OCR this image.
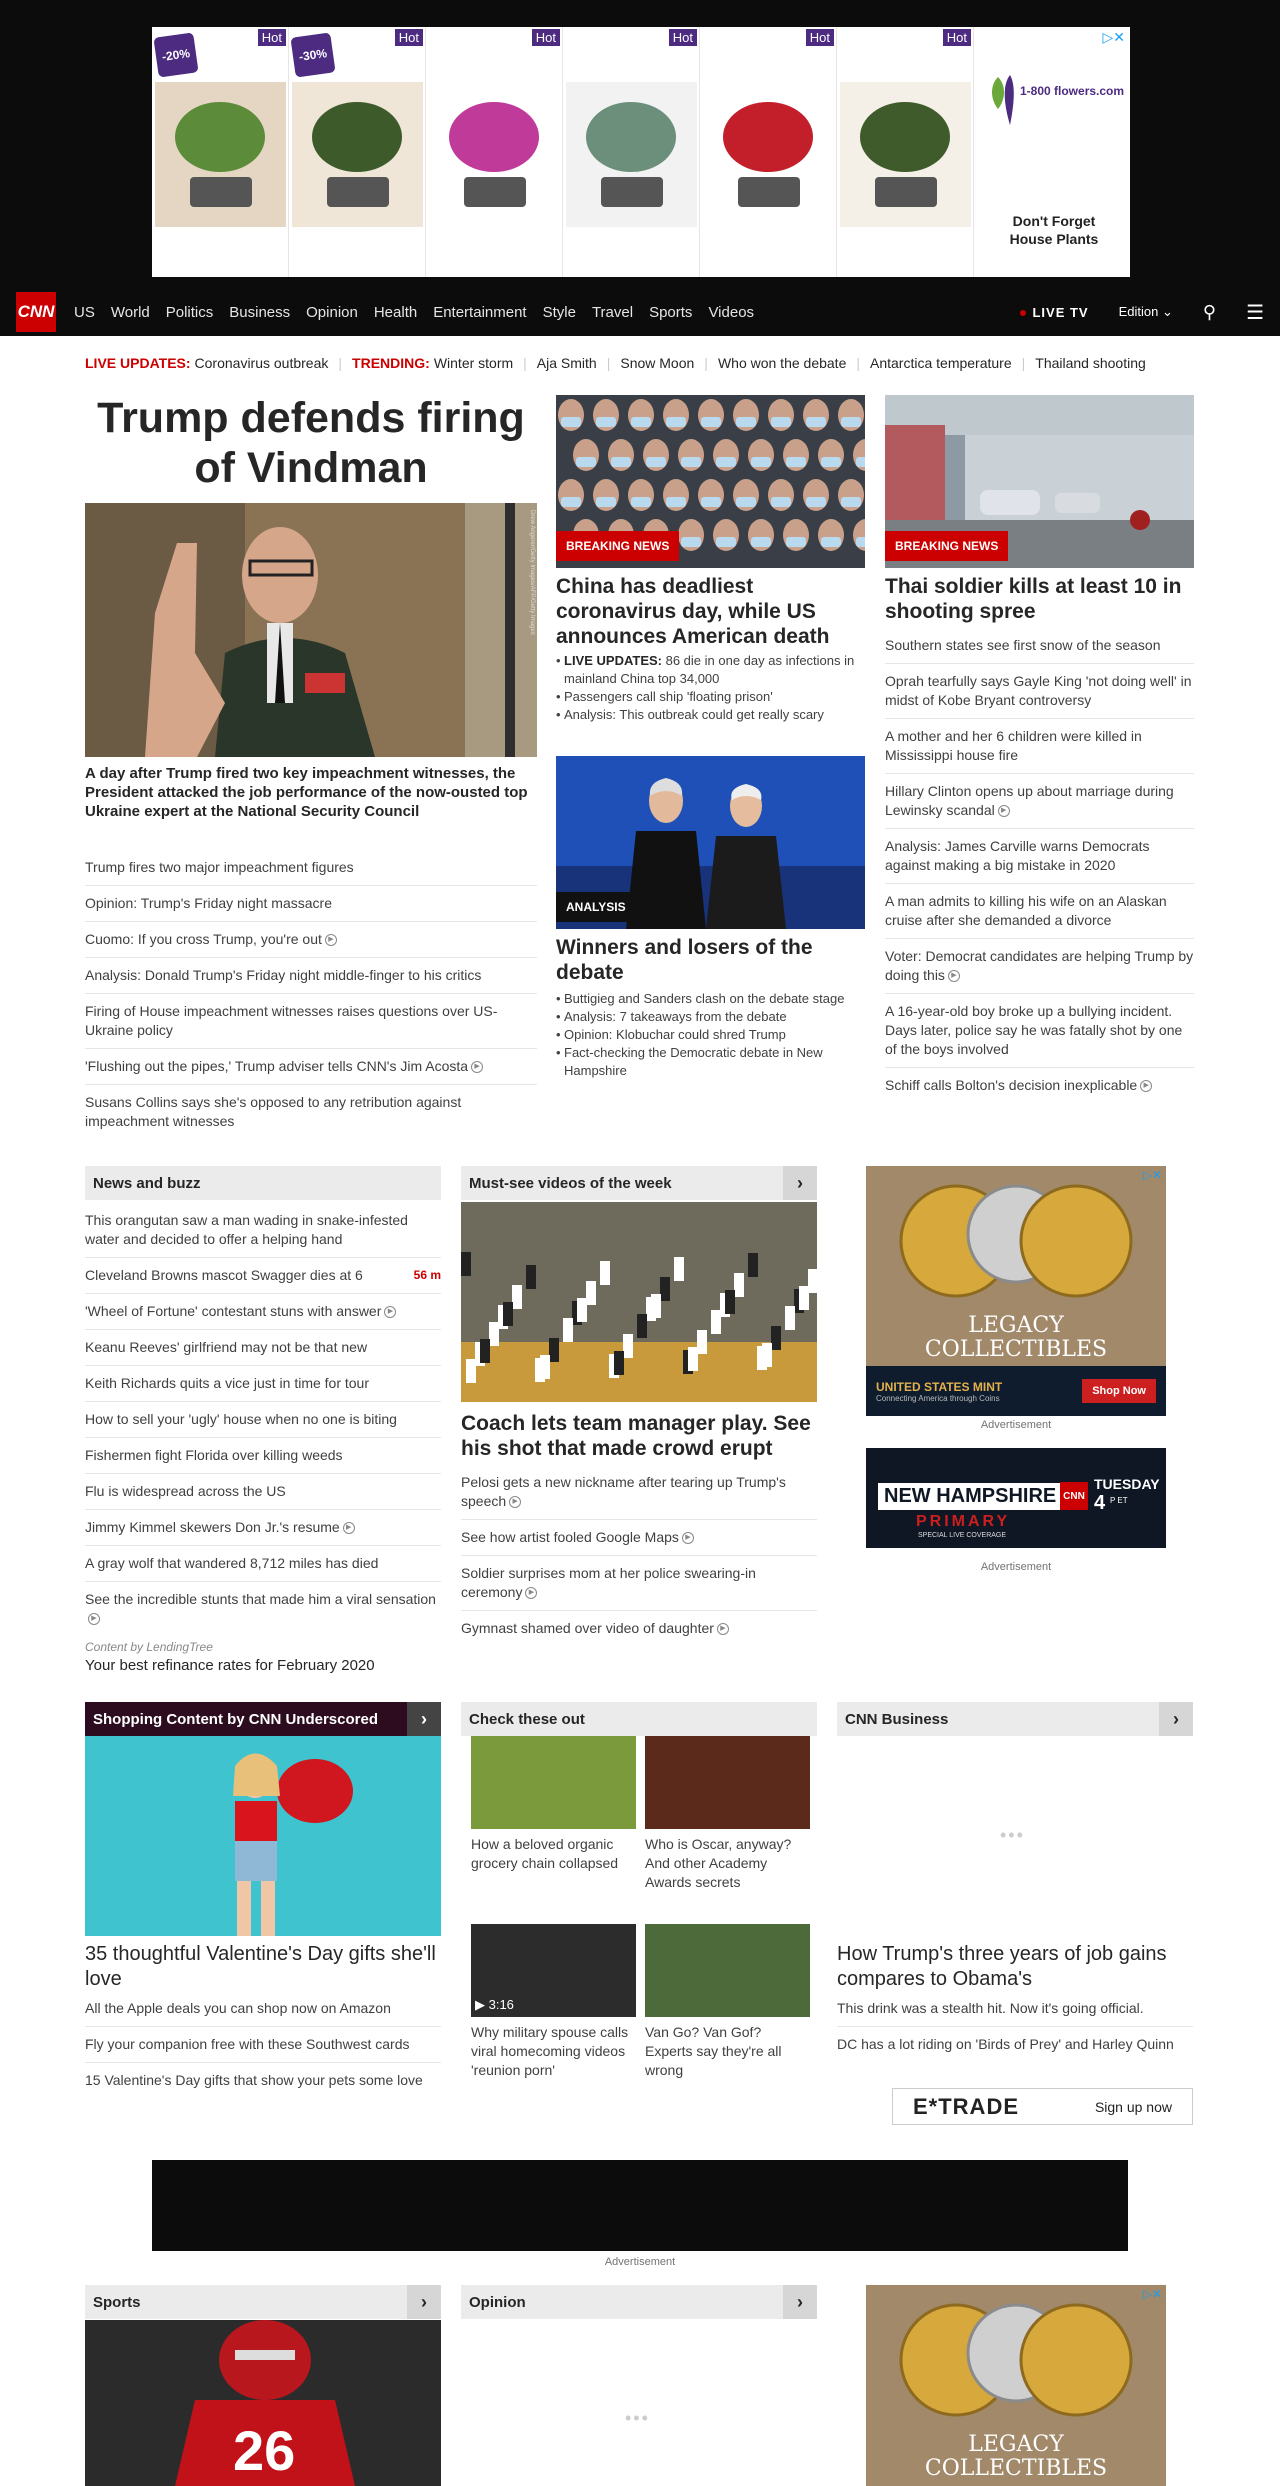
Hot
-20%
Hot
-30%
Hot	Hot	Hot	Hot	▷✕
1-800 flowers.com
Don't Forget House Plants
CNN US World Politics Business Opinion Health Entertainment Style Travel Sports Videos	LIVE TV Edition ⌄ ⚲ ☰
LIVE UPDATES: Coronavirus outbreak | TRENDING: Winter storm | Aja Smith | Snow Moon | Who won the debate | Antarctica temperature | Thailand shooting
Trump defends firing of Vindman
Drew Angerer/Getty Images/AFP/Getty Images
A day after Trump fired two key impeachment witnesses, the President attacked the job performance of the now-ousted top Ukraine expert at the National Security Council
Trump fires two major impeachment figures
Opinion: Trump's Friday night massacre
Cuomo: If you cross Trump, you're out ▶
Analysis: Donald Trump's Friday night middle-finger to his critics
Firing of House impeachment witnesses raises questions over US-Ukraine policy
'Flushing out the pipes,' Trump adviser tells CNN's Jim Acosta ▶
Susans Collins says she's opposed to any retribution against impeachment witnesses
BREAKING NEWS
China has deadliest coronavirus day, while US announces American death
• LIVE UPDATES: 86 die in one day as infections in mainland China top 34,000
• Passengers call ship 'floating prison'
• Analysis: This outbreak could get really scary
ANALYSIS
Winners and losers of the debate
• Buttigieg and Sanders clash on the debate stage
• Analysis: 7 takeaways from the debate
• Opinion: Klobuchar could shred Trump
• Fact-checking the Democratic debate in New Hampshire
BREAKING NEWS
Thai soldier kills at least 10 in shooting spree
Southern states see first snow of the season
Oprah tearfully says Gayle King 'not doing well' in midst of Kobe Bryant controversy
A mother and her 6 children were killed in Mississippi house fire
Hillary Clinton opens up about marriage during Lewinsky scandal ▶
Analysis: James Carville warns Democrats against making a big mistake in 2020
A man admits to killing his wife on an Alaskan cruise after she demanded a divorce
Voter: Democrat candidates are helping Trump by doing this ▶
A 16-year-old boy broke up a bullying incident. Days later, police say he was fatally shot by one of the boys involved
Schiff calls Bolton's decision inexplicable ▶
News and buzz
This orangutan saw a man wading in snake-infested water and decided to offer a helping hand
Cleveland Browns mascot Swagger dies at 6	56 m
'Wheel of Fortune' contestant stuns with answer ▶
Keanu Reeves' girlfriend may not be that new
Keith Richards quits a vice just in time for tour
How to sell your 'ugly' house when no one is biting
Fishermen fight Florida over killing weeds
Flu is widespread across the US
Jimmy Kimmel skewers Don Jr.'s resume ▶
A gray wolf that wandered 8,712 miles has died
See the incredible stunts that made him a viral sensation▶
Content by LendingTree
Your best refinance rates for February 2020
Must-see videos of the week	›
Coach lets team manager play. See his shot that made crowd erupt
Pelosi gets a new nickname after tearing up Trump's speech ▶
See how artist fooled Google Maps ▶
Soldier surprises mom at her police swearing-in ceremony ▶
Gymnast shamed over video of daughter ▶
▷✕
LEGACY
COLLECTIBLES
UNITED STATES MINT
Connecting America through Coins
Shop Now
Advertisement
NEW HAMPSHIRE
PRIMARY
SPECIAL LIVE COVERAGE
CNN
TUESDAY
4 P ET
Advertisement
Shopping Content by CNN Underscored	›
35 thoughtful Valentine's Day gifts she'll love
All the Apple deals you can shop now on Amazon
Fly your companion free with these Southwest cards
15 Valentine's Day gifts that show your pets some love
Check these out
How a beloved organic grocery chain collapsed
Who is Oscar, anyway? And other Academy Awards secrets
▶ 3:16
Why military spouse calls viral homecoming videos 'reunion porn'
Van Go? Van Gof? Experts say they're all wrong
CNN Business	›
•••
How Trump's three years of job gains compares to Obama's
This drink was a stealth hit. Now it's going official.
DC has a lot riding on 'Birds of Prey' and Harley Quinn
E*TRADE	Sign up now
Advertisement
Sports	›
26
Opinion	›
•••
▷✕
LEGACY
COLLECTIBLES
